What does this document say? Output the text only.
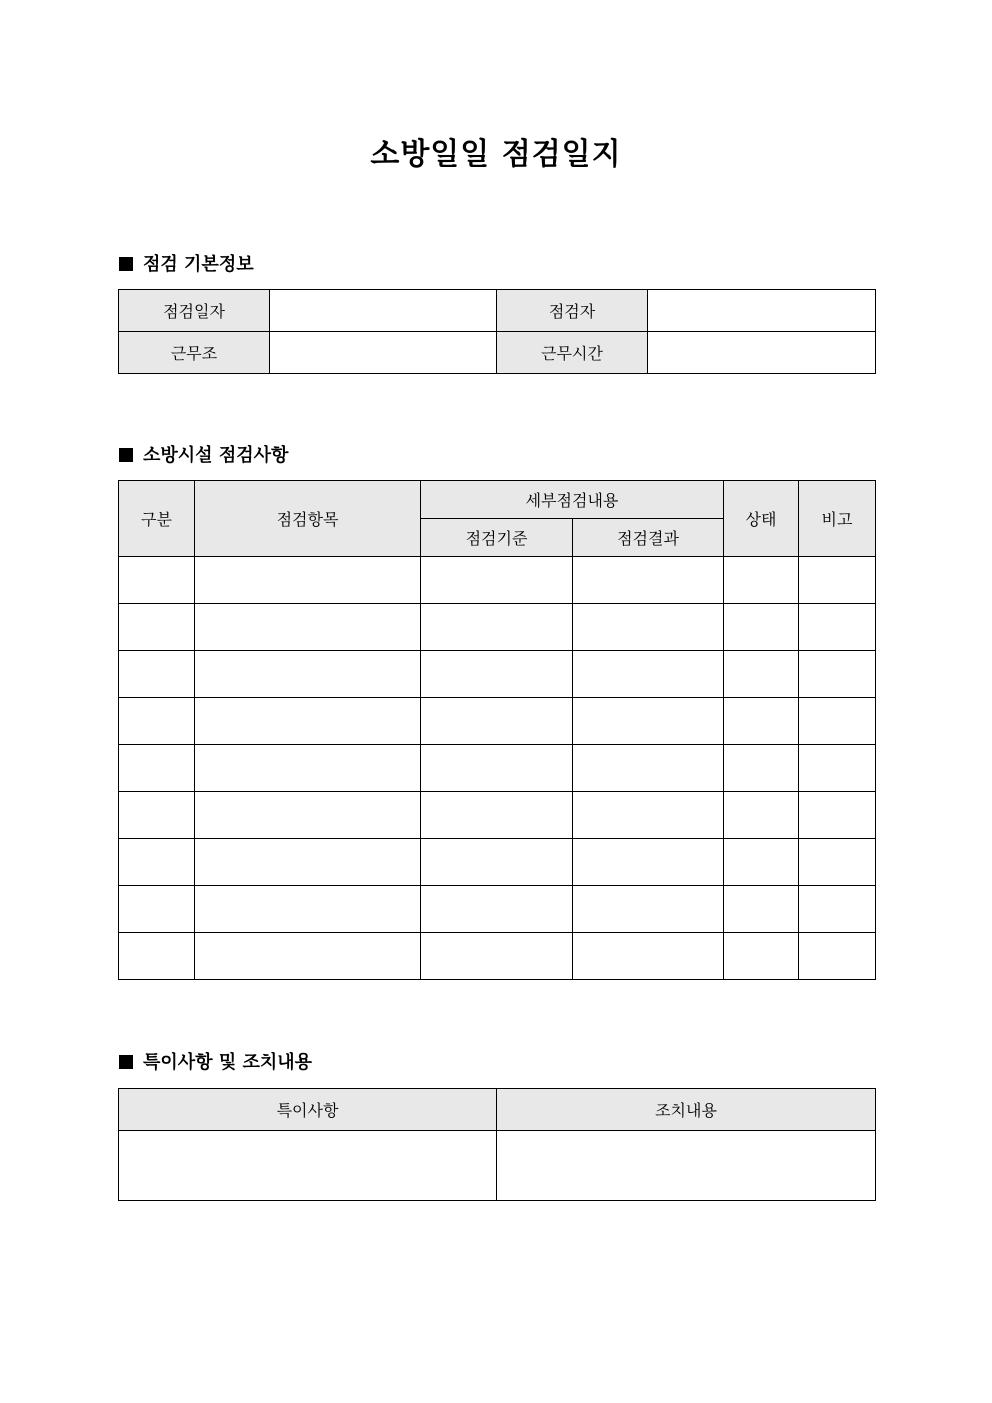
소방일일 점검일지
점검 기본정보
점검일자		점검자	
근무조		근무시간	
소방시설 점검사항
구분	점검항목	세부점검내용		상태	비고
		점검기준	점검결과		

특이사항 및 조치내용
특이사항	조치내용
